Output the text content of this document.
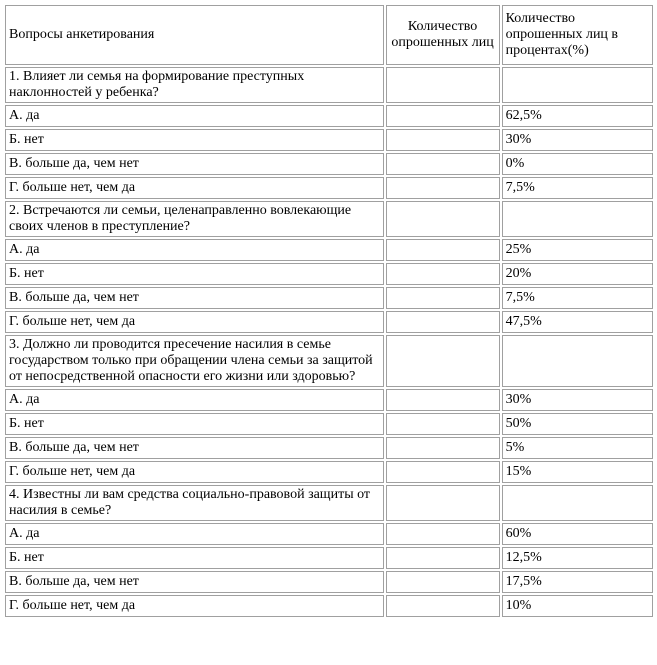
Вопросы анкетирования	Количество опрошенных лиц	Количество опрошенных лиц в процентах(%)
1. Влияет ли семья на формирование преступных наклонностей у ребенка?		
А. да		62,5%
Б. нет		30%
В. больше да, чем нет		0%
Г. больше нет, чем да		7,5%
2. Встречаются ли семьи, целенаправленно вовлекающие своих членов в преступление?		
А. да		25%
Б. нет		20%
В. больше да, чем нет		7,5%
Г. больше нет, чем да		47,5%
3. Должно ли проводится пресечение насилия в семье государством только при обращении члена семьи за защитой от непосредственной опасности его жизни или здоровью?		
А. да		30%
Б. нет		50%
В. больше да, чем нет		5%
Г. больше нет, чем да		15%
4. Известны ли вам средства социально-правовой защиты от насилия в семье?		
А. да		60%
Б. нет		12,5%
В. больше да, чем нет		17,5%
Г. больше нет, чем да		10%
